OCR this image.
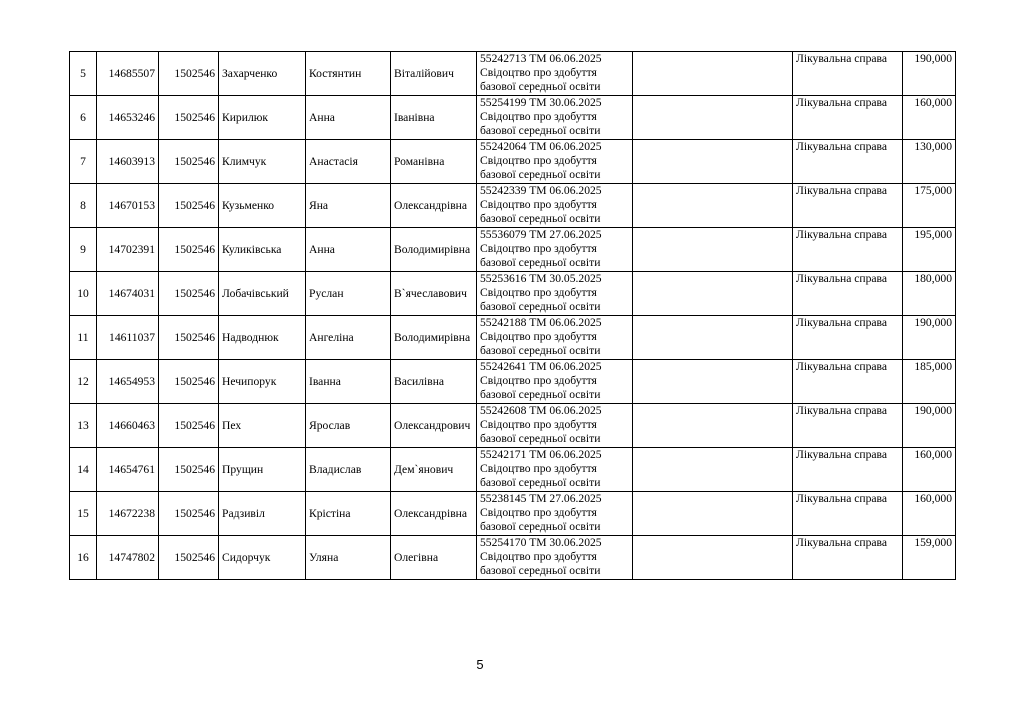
5	14685507	1502546	Захарченко	Костянтин	Віталійович	55242713 ТМ 06.06.2025
Свідоцтво про здобуття
базової середньої освіти		Лікувальна справа	190,000
6	14653246	1502546	Кирилюк	Анна	Іванівна	55254199 ТМ 30.06.2025
Свідоцтво про здобуття
базової середньої освіти		Лікувальна справа	160,000
7	14603913	1502546	Климчук	Анастасія	Романівна	55242064 ТМ 06.06.2025
Свідоцтво про здобуття
базової середньої освіти		Лікувальна справа	130,000
8	14670153	1502546	Кузьменко	Яна	Олександрівна	55242339 ТМ 06.06.2025
Свідоцтво про здобуття
базової середньої освіти		Лікувальна справа	175,000
9	14702391	1502546	Куликівська	Анна	Володимирівна	55536079 ТМ 27.06.2025
Свідоцтво про здобуття
базової середньої освіти		Лікувальна справа	195,000
10	14674031	1502546	Лобачівський	Руслан	В`ячеславович	55253616 ТМ 30.05.2025
Свідоцтво про здобуття
базової середньої освіти		Лікувальна справа	180,000
11	14611037	1502546	Надводнюк	Ангеліна	Володимирівна	55242188 ТМ 06.06.2025
Свідоцтво про здобуття
базової середньої освіти		Лікувальна справа	190,000
12	14654953	1502546	Нечипорук	Іванна	Василівна	55242641 ТМ 06.06.2025
Свідоцтво про здобуття
базової середньої освіти		Лікувальна справа	185,000
13	14660463	1502546	Пех	Ярослав	Олександрович	55242608 ТМ 06.06.2025
Свідоцтво про здобуття
базової середньої освіти		Лікувальна справа	190,000
14	14654761	1502546	Прущин	Владислав	Дем`янович	55242171 ТМ 06.06.2025
Свідоцтво про здобуття
базової середньої освіти		Лікувальна справа	160,000
15	14672238	1502546	Радзивіл	Крістіна	Олександрівна	55238145 ТМ 27.06.2025
Свідоцтво про здобуття
базової середньої освіти		Лікувальна справа	160,000
16	14747802	1502546	Сидорчук	Уляна	Олегівна	55254170 ТМ 30.06.2025
Свідоцтво про здобуття
базової середньої освіти		Лікувальна справа	159,000
5
